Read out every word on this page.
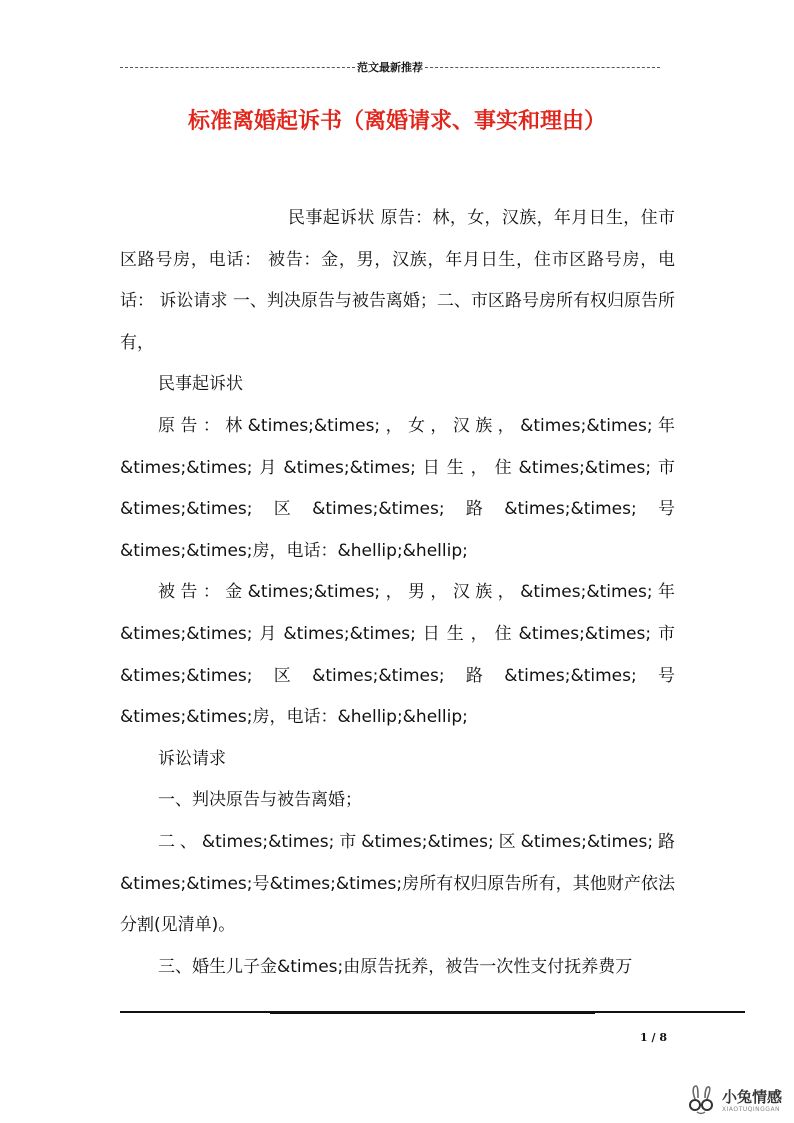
范文最新推荐
标准离婚起诉书（离婚请求、事实和理由）

民事起诉状 原告：林，女，汉族，年月日生，住市区路号房，电话： 被告：金，男，汉族，年月日生，住市区路号房，电话： 诉讼请求 一、判决原告与被告离婚；二、市区路号房所有权归原告所有，

民事起诉状

原告：林&times;&times;，女，汉族，&times;&times;年&times;&times;月&times;&times;日生，住&times;&times;市&times;&times;区&times;&times;路&times;&times;号&times;&times;房，电话：&hellip;&hellip;

被告：金&times;&times;，男，汉族，&times;&times;年&times;&times;月&times;&times;日生，住&times;&times;市&times;&times;区&times;&times;路&times;&times;号&times;&times;房，电话：&hellip;&hellip;

诉讼请求

一、判决原告与被告离婚；

二、&times;&times;市&times;&times;区&times;&times;路&times;&times;号&times;&times;房所有权归原告所有，其他财产依法分割(见清单)。

三、婚生儿子金&times;由原告抚养，被告一次性支付抚养费万

1 / 8
小兔情感
XIAOTUQINGGAN
